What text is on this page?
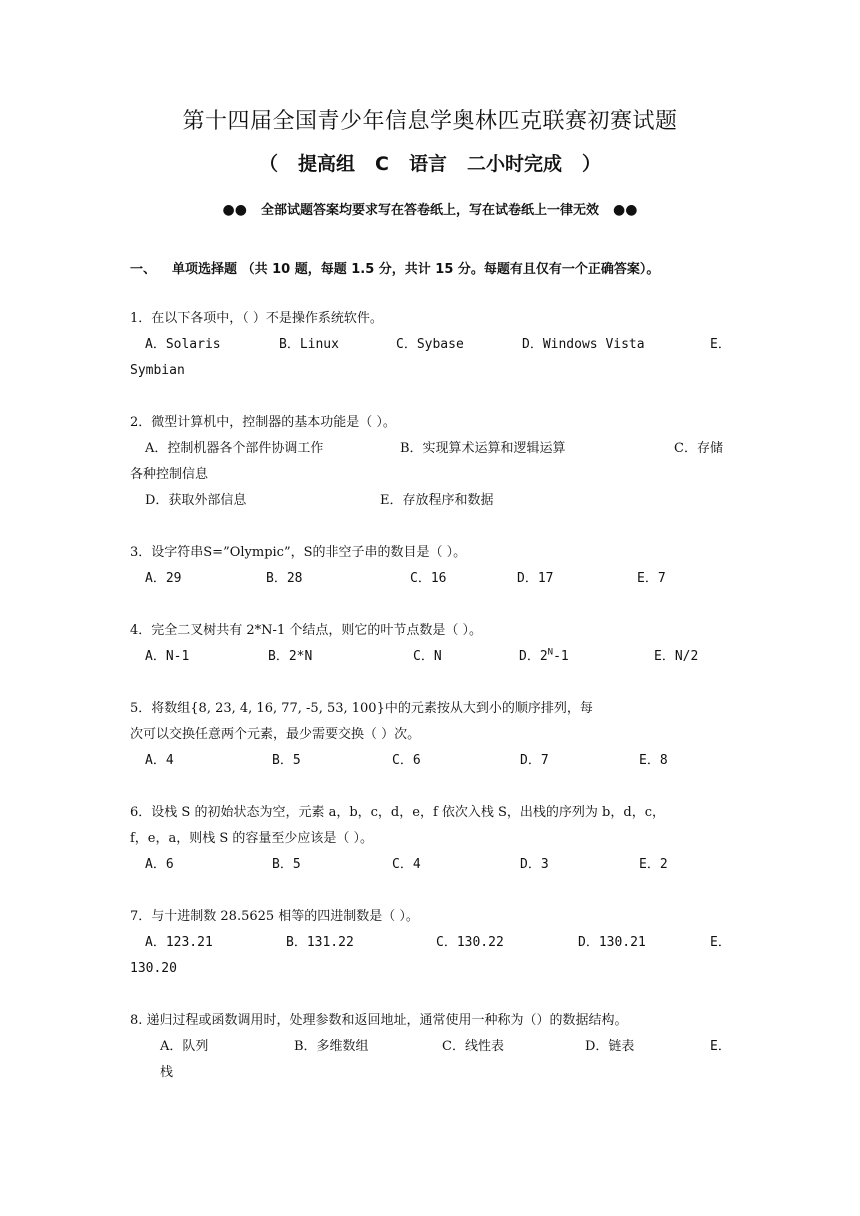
第十四届全国青少年信息学奥林匹克联赛初赛试题
（ 提高组 C 语言 二小时完成 ）
●● 全部试题答案均要求写在答卷纸上，写在试卷纸上一律无效 ●●
一、 单项选择题 （共 10 题，每题 1.5 分，共计 15 分。每题有且仅有一个正确答案）。
1．在以下各项中，（ ）不是操作系统软件。
A．Solaris	B．Linux	C．Sybase	D．Windows Vista	E．
Symbian
2．微型计算机中，控制器的基本功能是（ ）。
A．控制机器各个部件协调工作	B．实现算术运算和逻辑运算	C．存储
各种控制信息
D．获取外部信息	E．存放程序和数据
3．设字符串S=”Olympic”，S的非空子串的数目是（ ）。
A．29	B．28	C．16	D．17	E．7
4．完全二叉树共有 2*N-1 个结点，则它的叶节点数是（ ）。
A．N-1	B．2*N	C．N	D．$2^N-1$	E．N/2
5．将数组{8, 23, 4, 16, 77, -5, 53, 100}中的元素按从大到小的顺序排列，每
次可以交换任意两个元素，最少需要交换（ ）次。
A．4	B．5	C．6	D．7	E．8
6．设栈 S 的初始状态为空，元素 a，b，c，d，e，f 依次入栈 S，出栈的序列为 b，d，c，
f，e，a，则栈 S 的容量至少应该是（ ）。
A．6	B．5	C．4	D．3	E．2
7．与十进制数 28.5625 相等的四进制数是（ ）。
A．123.21	B．131.22	C．130.22	D．130.21	E．
130.20
8. 递归过程或函数调用时，处理参数和返回地址，通常使用一种称为（）的数据结构。
A．队列	B．多维数组	C．线性表	D．链表	E．
栈
